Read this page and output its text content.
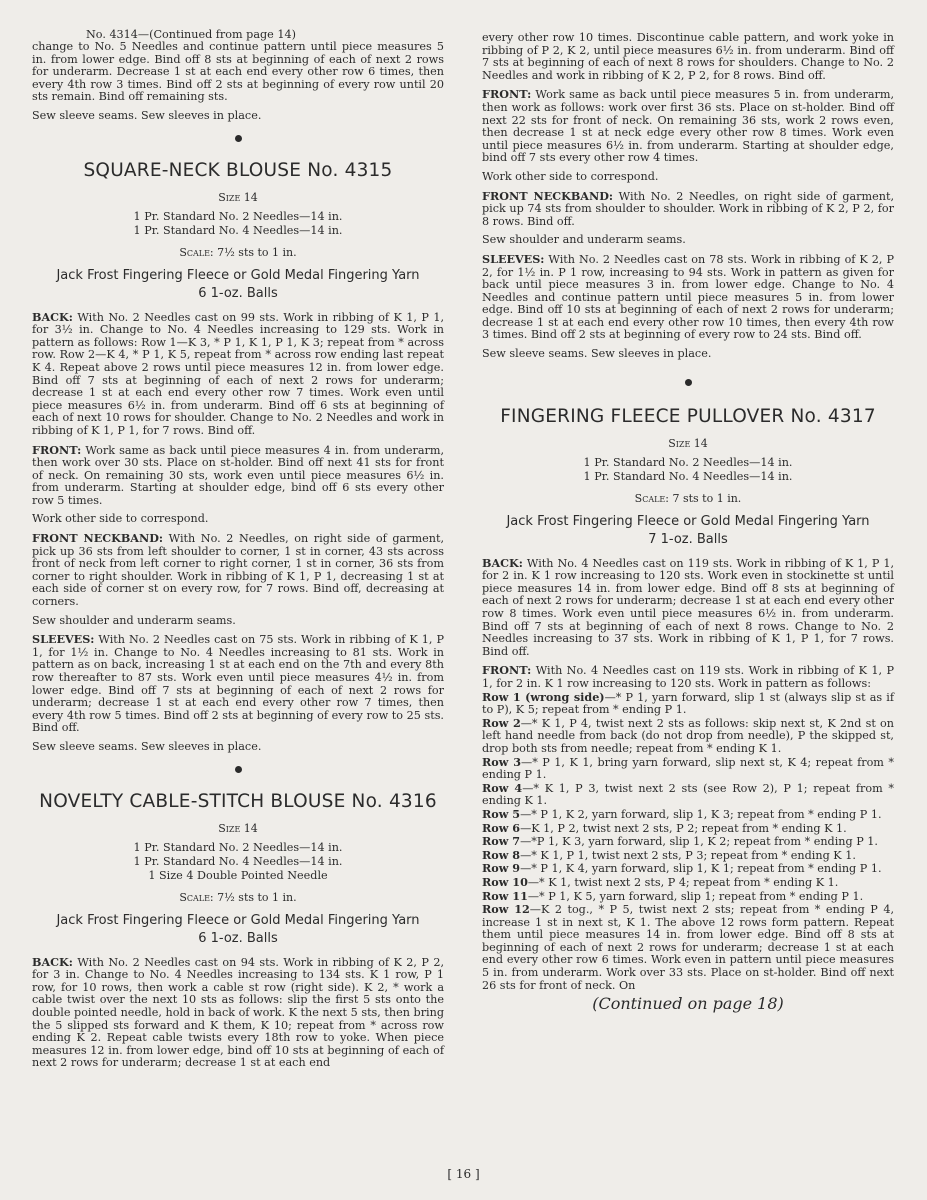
No. 4314—(Continued from page 14)

change to No. 5 Needles and continue pattern until piece measures 5 in. from lower edge. Bind off 8 sts at beginning of each of next 2 rows for underarm. Decrease 1 st at each end every other row 6 times, then every 4th row 3 times. Bind off 2 sts at beginning of every row until 20 sts remain. Bind off remaining sts.

Sew sleeve seams. Sew sleeves in place.

SQUARE-NECK BLOUSE No. 4315
Size 14
1 Pr. Standard No. 2 Needles—14 in.
1 Pr. Standard No. 4 Needles—14 in.
Scale: 7½ sts to 1 in.
Jack Frost Fingering Fleece or Gold Medal Fingering Yarn
6 1-oz. Balls

BACK: With No. 2 Needles cast on 99 sts. Work in ribbing of K 1, P 1, for 3½ in. Change to No. 4 Needles increasing to 129 sts. Work in pattern as follows: Row 1—K 3, * P 1, K 1, P 1, K 3; repeat from * across row. Row 2—K 4, * P 1, K 5, repeat from * across row ending last repeat K 4. Repeat above 2 rows until piece measures 12 in. from lower edge. Bind off 7 sts at beginning of each of next 2 rows for underarm; decrease 1 st at each end every other row 7 times. Work even until piece measures 6½ in. from underarm. Bind off 6 sts at beginning of each of next 10 rows for shoulder. Change to No. 2 Needles and work in ribbing of K 1, P 1, for 7 rows. Bind off.

FRONT: Work same as back until piece measures 4 in. from underarm, then work over 30 sts. Place on st-holder. Bind off next 41 sts for front of neck. On remaining 30 sts, work even until piece measures 6½ in. from underarm. Starting at shoulder edge, bind off 6 sts every other row 5 times.

Work other side to correspond.

FRONT NECKBAND: With No. 2 Needles, on right side of garment, pick up 36 sts from left shoulder to corner, 1 st in corner, 43 sts across front of neck from left corner to right corner, 1 st in corner, 36 sts from corner to right shoulder. Work in ribbing of K 1, P 1, decreasing 1 st at each side of corner st on every row, for 7 rows. Bind off, decreasing at corners.

Sew shoulder and underarm seams.

SLEEVES: With No. 2 Needles cast on 75 sts. Work in ribbing of K 1, P 1, for 1½ in. Change to No. 4 Needles increasing to 81 sts. Work in pattern as on back, increasing 1 st at each end on the 7th and every 8th row thereafter to 87 sts. Work even until piece measures 4½ in. from lower edge. Bind off 7 sts at beginning of each of next 2 rows for underarm; decrease 1 st at each end every other row 7 times, then every 4th row 5 times. Bind off 2 sts at beginning of every row to 25 sts. Bind off.

Sew sleeve seams. Sew sleeves in place.

NOVELTY CABLE-STITCH BLOUSE No. 4316
Size 14
1 Pr. Standard No. 2 Needles—14 in.
1 Pr. Standard No. 4 Needles—14 in.
1 Size 4 Double Pointed Needle
Scale: 7½ sts to 1 in.
Jack Frost Fingering Fleece or Gold Medal Fingering Yarn
6 1-oz. Balls

BACK: With No. 2 Needles cast on 94 sts. Work in ribbing of K 2, P 2, for 3 in. Change to No. 4 Needles increasing to 134 sts. K 1 row, P 1 row, for 10 rows, then work a cable st row (right side). K 2, * work a cable twist over the next 10 sts as follows: slip the first 5 sts onto the double pointed needle, hold in back of work. K the next 5 sts, then bring the 5 slipped sts forward and K them, K 10; repeat from * across row ending K 2. Repeat cable twists every 18th row to yoke. When piece measures 12 in. from lower edge, bind off 10 sts at beginning of each of next 2 rows for underarm; decrease 1 st at each end

every other row 10 times. Discontinue cable pattern, and work yoke in ribbing of P 2, K 2, until piece measures 6½ in. from underarm. Bind off 7 sts at beginning of each of next 8 rows for shoulders. Change to No. 2 Needles and work in ribbing of K 2, P 2, for 8 rows. Bind off.

FRONT: Work same as back until piece measures 5 in. from underarm, then work as follows: work over first 36 sts. Place on st-holder. Bind off next 22 sts for front of neck. On remaining 36 sts, work 2 rows even, then decrease 1 st at neck edge every other row 8 times. Work even until piece measures 6½ in. from underarm. Starting at shoulder edge, bind off 7 sts every other row 4 times.

Work other side to correspond.

FRONT NECKBAND: With No. 2 Needles, on right side of garment, pick up 74 sts from shoulder to shoulder. Work in ribbing of K 2, P 2, for 8 rows. Bind off.

Sew shoulder and underarm seams.

SLEEVES: With No. 2 Needles cast on 78 sts. Work in ribbing of K 2, P 2, for 1½ in. P 1 row, increasing to 94 sts. Work in pattern as given for back until piece measures 3 in. from lower edge. Change to No. 4 Needles and continue pattern until piece measures 5 in. from lower edge. Bind off 10 sts at beginning of each of next 2 rows for underarm; decrease 1 st at each end every other row 10 times, then every 4th row 3 times. Bind off 2 sts at beginning of every row to 24 sts. Bind off.

Sew sleeve seams. Sew sleeves in place.

FINGERING FLEECE PULLOVER No. 4317
Size 14
1 Pr. Standard No. 2 Needles—14 in.
1 Pr. Standard No. 4 Needles—14 in.
Scale: 7 sts to 1 in.
Jack Frost Fingering Fleece or Gold Medal Fingering Yarn
7 1-oz. Balls

BACK: With No. 4 Needles cast on 119 sts. Work in ribbing of K 1, P 1, for 2 in. K 1 row increasing to 120 sts. Work even in stockinette st until piece measures 14 in. from lower edge. Bind off 8 sts at beginning of each of next 2 rows for underarm; decrease 1 st at each end every other row 8 times. Work even until piece measures 6½ in. from underarm. Bind off 7 sts at beginning of each of next 8 rows. Change to No. 2 Needles increasing to 37 sts. Work in ribbing of K 1, P 1, for 7 rows. Bind off.

FRONT: With No. 4 Needles cast on 119 sts. Work in ribbing of K 1, P 1, for 2 in. K 1 row increasing to 120 sts. Work in pattern as follows:

Row 1 (wrong side)—* P 1, yarn forward, slip 1 st (always slip st as if to P), K 5; repeat from * ending P 1.

Row 2—* K 1, P 4, twist next 2 sts as follows: skip next st, K 2nd st on left hand needle from back (do not drop from needle), P the skipped st, drop both sts from needle; repeat from * ending K 1.

Row 3—* P 1, K 1, bring yarn forward, slip next st, K 4; repeat from * ending P 1.

Row 4—* K 1, P 3, twist next 2 sts (see Row 2), P 1; repeat from * ending K 1.

Row 5—* P 1, K 2, yarn forward, slip 1, K 3; repeat from * ending P 1.

Row 6—K 1, P 2, twist next 2 sts, P 2; repeat from * ending K 1.

Row 7—*P 1, K 3, yarn forward, slip 1, K 2; repeat from * ending P 1.

Row 8—* K 1, P 1, twist next 2 sts, P 3; repeat from * ending K 1.

Row 9—* P 1, K 4, yarn forward, slip 1, K 1; repeat from * ending P 1.

Row 10—* K 1, twist next 2 sts, P 4; repeat from * ending K 1.

Row 11—* P 1, K 5, yarn forward, slip 1; repeat from * ending P 1.

Row 12—K 2 tog., * P 5, twist next 2 sts; repeat from * ending P 4, increase 1 st in next st, K 1. The above 12 rows form pattern. Repeat them until piece measures 14 in. from lower edge. Bind off 8 sts at beginning of each of next 2 rows for underarm; decrease 1 st at each end every other row 6 times. Work even in pattern until piece measures 5 in. from underarm. Work over 33 sts. Place on st-holder. Bind off next 26 sts for front of neck. On

(Continued on page 18)
[ 16 ]
